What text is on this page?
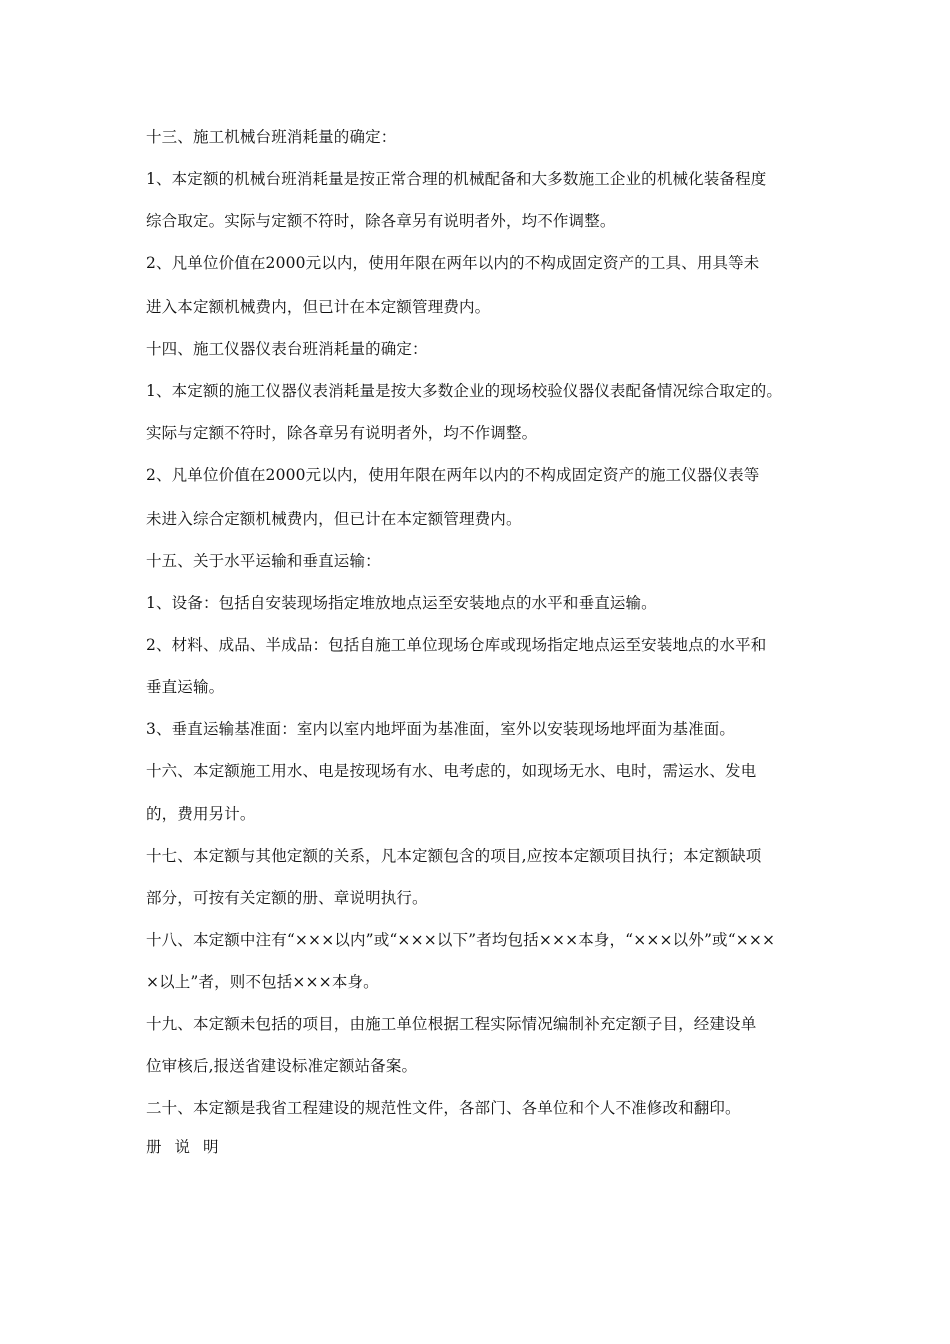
十三、施工机械台班消耗量的确定：
1、本定额的机械台班消耗量是按正常合理的机械配备和大多数施工企业的机械化装备程度
综合取定。实际与定额不符时，除各章另有说明者外，均不作调整。
2、凡单位价值在2000元以内，使用年限在两年以内的不构成固定资产的工具、用具等未
进入本定额机械费内，但已计在本定额管理费内。
十四、施工仪器仪表台班消耗量的确定：
1、本定额的施工仪器仪表消耗量是按大多数企业的现场校验仪器仪表配备情况综合取定的。
实际与定额不符时，除各章另有说明者外，均不作调整。
2、凡单位价值在2000元以内，使用年限在两年以内的不构成固定资产的施工仪器仪表等
未进入综合定额机械费内，但已计在本定额管理费内。
十五、关于水平运输和垂直运输：
1、设备：包括自安装现场指定堆放地点运至安装地点的水平和垂直运输。
2、材料、成品、半成品：包括自施工单位现场仓库或现场指定地点运至安装地点的水平和
垂直运输。
3、垂直运输基准面：室内以室内地坪面为基准面，室外以安装现场地坪面为基准面。
十六、本定额施工用水、电是按现场有水、电考虑的，如现场无水、电时，需运水、发电
的，费用另计。
十七、本定额与其他定额的关系，凡本定额包含的项目,应按本定额项目执行；本定额缺项
部分，可按有关定额的册、章说明执行。
十八、本定额中注有“×××以内”或“×××以下”者均包括×××本身，“×××以外”或“×××
×以上”者，则不包括×××本身。
十九、本定额未包括的项目，由施工单位根据工程实际情况编制补充定额子目，经建设单
位审核后,报送省建设标准定额站备案。
二十、本定额是我省工程建设的规范性文件，各部门、各单位和个人不准修改和翻印。
册说明
